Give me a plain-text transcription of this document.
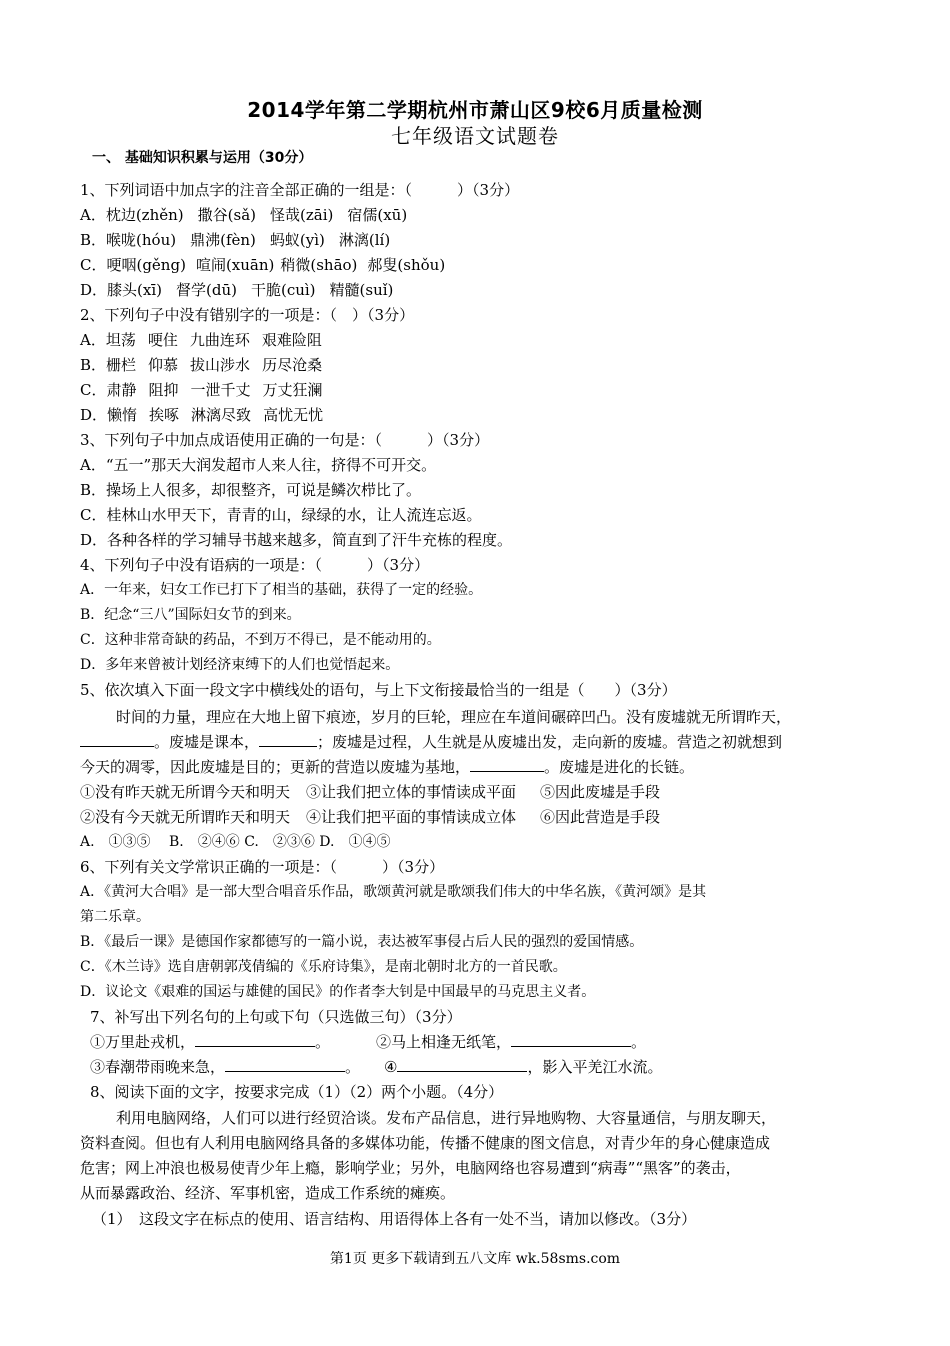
2014学年第二学期杭州市萧山区9校6月质量检测
七年级语文试题卷
一、 基础知识积累与运用（30分）
1、下列词语中加点字的注音全部正确的一组是：（　　　）（3分）
A．枕边(zhěn) 撒谷(sǎ) 怪哉(zāi) 宿儒(xū)
B．喉咙(hóu) 鼎沸(fèn) 蚂蚁(yì) 淋漓(lí)
C．哽咽(gěng) 喧闹(xuān) 稍微(shāo) 郝叟(shǒu)
D．膝头(xī) 督学(dū) 干脆(cuì) 精髓(suǐ)
2、下列句子中没有错别字的一项是：（　）（3分）
A．坦荡 哽住 九曲连环 艰难险阻
B．栅栏 仰慕 拔山涉水 历尽沧桑
C．肃静 阻抑 一泄千丈 万丈狂澜
D．懒惰 挨啄 淋漓尽致 高忧无忧
3、下列句子中加点成语使用正确的一句是：（　　　）（3分）
A．“五一”那天大润发超市人来人往，挤得不可开交。
B．操场上人很多，却很整齐，可说是鳞次栉比了。
C．桂林山水甲天下，青青的山，绿绿的水，让人流连忘返。
D．各种各样的学习辅导书越来越多，简直到了汗牛充栋的程度。
4、下列句子中没有语病的一项是：（　　　）（3分）
A．一年来，妇女工作已打下了相当的基础，获得了一定的经验。
B．纪念“三八”国际妇女节的到来。
C．这种非常奇缺的药品，不到万不得已，是不能动用的。
D．多年来曾被计划经济束缚下的人们也觉悟起来。
5、依次填入下面一段文字中横线处的语句，与上下文衔接最恰当的一组是（　　）（3分）
时间的力量，理应在大地上留下痕迹，岁月的巨轮，理应在车道间碾碎凹凸。没有废墟就无所谓昨天，
。废墟是课本，	；废墟是过程，人生就是从废墟出发，走向新的废墟。营造之初就想到
今天的凋零，因此废墟是目的；更新的营造以废墟为基地，	。废墟是进化的长链。
①没有昨天就无所谓今天和明天 ③让我们把立体的事情读成平面 ⑤因此废墟是手段
②没有今天就无所谓昨天和明天 ④让我们把平面的事情读成立体 ⑥因此营造是手段
A.　①③⑤　 B.　②④⑥ C.　②③⑥ D.　①④⑤
6、下列有关文学常识正确的一项是：（　　　）（3分）
A．《黄河大合唱》是一部大型合唱音乐作品，歌颂黄河就是歌颂我们伟大的中华名族，《黄河颂》是其
第二乐章。
B．《最后一课》是德国作家都德写的一篇小说，表达被军事侵占后人民的强烈的爱国情感。
C．《木兰诗》选自唐朝郭茂倩编的《乐府诗集》，是南北朝时北方的一首民歌。
D．议论文《艰难的国运与雄健的国民》的作者李大钊是中国最早的马克思主义者。
7、补写出下列名句的上句或下句（只选做三句）（3分）
①万里赴戎机，	。	②马上相逢无纸笔，	。
③春潮带雨晚来急，	。 ④	，影入平羌江水流。
8、阅读下面的文字，按要求完成（1）（2）两个小题。（4分）
利用电脑网络，人们可以进行经贸洽谈。发布产品信息，进行异地购物、大容量通信，与朋友聊天，
资料查阅。但也有人利用电脑网络具备的多媒体功能，传播不健康的图文信息，对青少年的身心健康造成
危害；网上冲浪也极易使青少年上瘾，影响学业；另外，电脑网络也容易遭到“病毒”“黑客”的袭击，
从而暴露政治、经济、军事机密，造成工作系统的瘫痪。
（1）　这段文字在标点的使用、语言结构、用语得体上各有一处不当，请加以修改。（3分）
第1页 更多下载请到五八文库 wk.58sms.com
